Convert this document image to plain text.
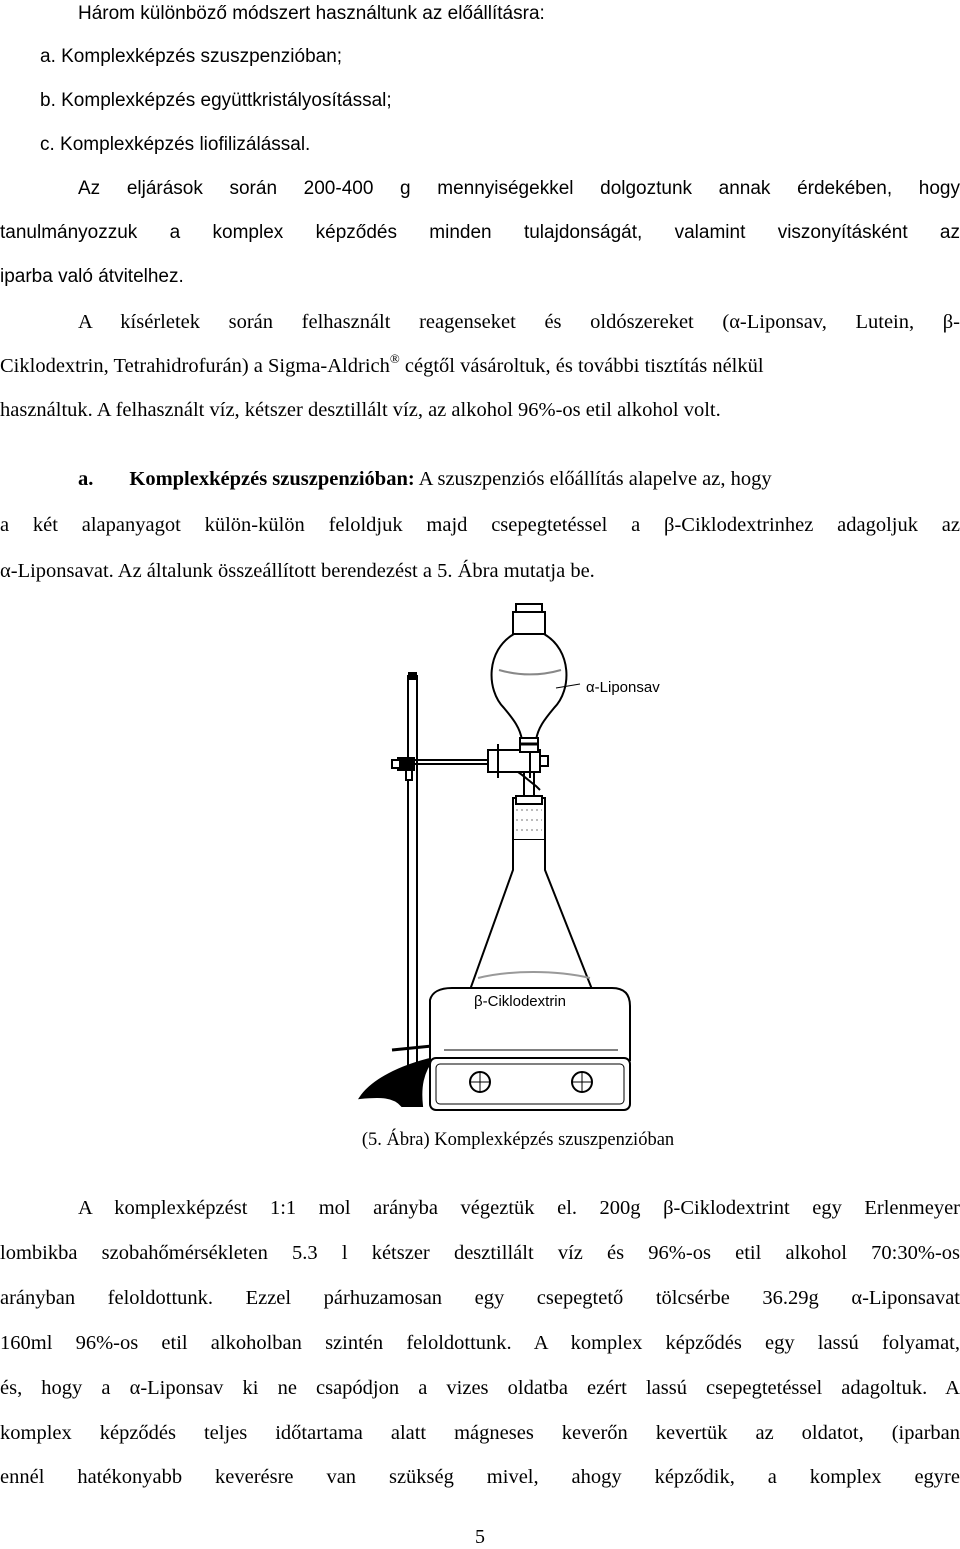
Három különböző módszert használtunk az előállításra:
a. Komplexképzés szuszpenzióban;
b. Komplexképzés együttkristályosítással;
c. Komplexképzés liofilizálással.
Az eljárások során 200-400 g mennyiségekkel dolgoztunk annak érdekében, hogy
tanulmányozzuk a komplex képződés minden tulajdonságát, valamint viszonyításként az
iparba való átvitelhez.
A kísérletek során felhasznált reagenseket és oldószereket (α-Liponsav, Lutein, β-
Ciklodextrin, Tetrahidrofurán) a Sigma-Aldrich® cégtől vásároltuk, és további tisztítás nélkül
használtuk. A felhasznált víz, kétszer desztillált víz, az alkohol 96%-os etil alkohol volt.
a. Komplexképzés szuszpenzióban: A szuszpenziós előállítás alapelve az, hogy
a két alapanyagot külön-külön feloldjuk majd csepegtetéssel a β-Ciklodextrinhez adagoljuk az
α-Liponsavat. Az általunk összeállított berendezést a 5. Ábra mutatja be.
α-Liponsav
β-Ciklodextrin
(5. Ábra) Komplexképzés szuszpenzióban
A komplexképzést 1:1 mol arányba végeztük el. 200g β-Ciklodextrint egy Erlenmeyer
lombikba szobahőmérsékleten 5.3 l kétszer desztillált víz és 96%-os etil alkohol 70:30%-os
arányban feloldottunk. Ezzel párhuzamosan egy csepegtető tölcsérbe 36.29g α-Liponsavat
160ml 96%-os etil alkoholban szintén feloldottunk. A komplex képződés egy lassú folyamat,
és, hogy a α-Liponsav ki ne csapódjon a vizes oldatba ezért lassú csepegtetéssel adagoltuk. A
komplex képződés teljes időtartama alatt mágneses keverőn kevertük az oldatot, (iparban
ennél hatékonyabb keverésre van szükség mivel, ahogy képződik, a komplex egyre
5
